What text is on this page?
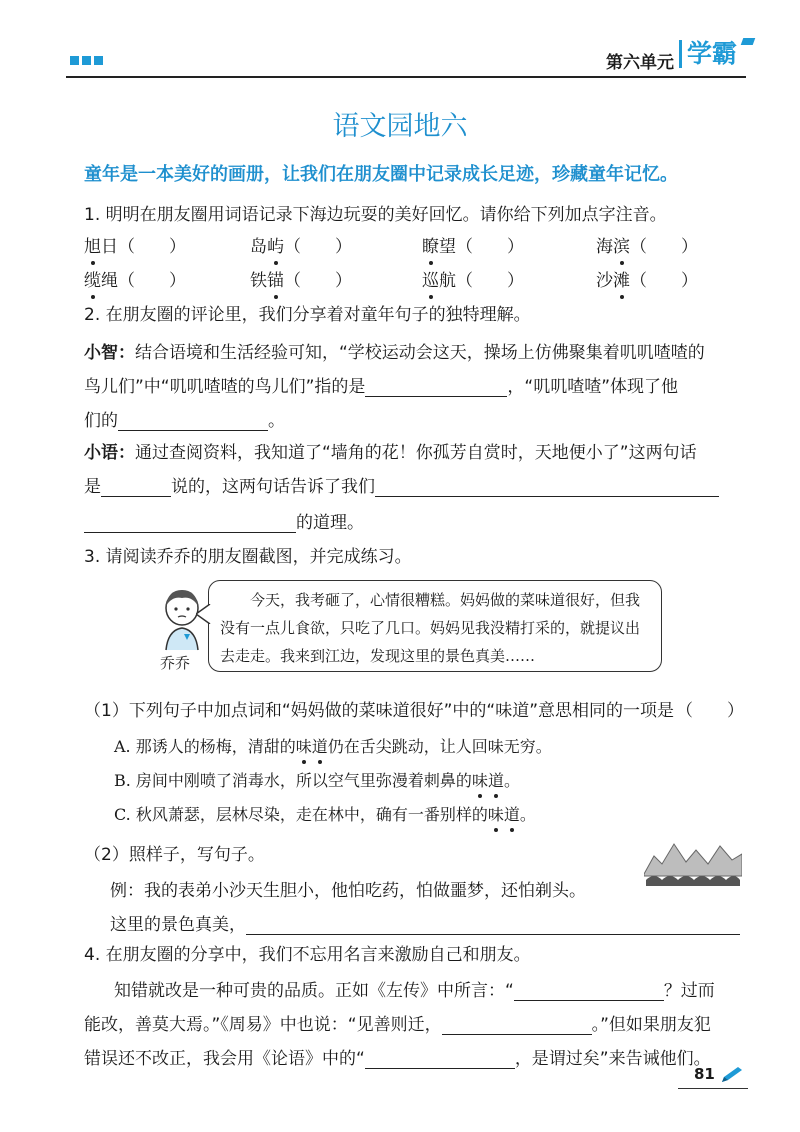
第六单元 学霸
语文园地六
童年是一本美好的画册，让我们在朋友圈中记录成长足迹，珍藏童年记忆。
1. 明明在朋友圈用词语记录下海边玩耍的美好回忆。请你给下列加点字注音。
旭日（　　）	岛屿（　　）	瞭望（　　）	海滨（　　）
缆绳（　　）	铁锚（　　）	巡航（　　）	沙滩（　　）
2. 在朋友圈的评论里，我们分享着对童年句子的独特理解。
小智：结合语境和生活经验可知，“学校运动会这天，操场上仿佛聚集着叽叽喳喳的
鸟儿们”中“叽叽喳喳的鸟儿们”指的是	，“叽叽喳喳”体现了他
们的	。
小语：通过查阅资料，我知道了“墙角的花！你孤芳自赏时，天地便小了”这两句话
是	说的，这两句话告诉了我们
的道理。
3. 请阅读乔乔的朋友圈截图，并完成练习。
乔乔
今天，我考砸了，心情很糟糕。妈妈做的菜味道很好，但我没有一点儿食欲，只吃了几口。妈妈见我没精打采的，就提议出去走走。我来到江边，发现这里的景色真美……
（1）下列句子中加点词和“妈妈做的菜味道很好”中的“味道”意思相同的一项是 （　　）
A. 那诱人的杨梅，清甜的味道仍在舌尖跳动，让人回味无穷。
B. 房间中刚喷了消毒水，所以空气里弥漫着刺鼻的味道。
C. 秋风萧瑟，层林尽染，走在林中，确有一番别样的味道。
（2）照样子，写句子。
例：我的表弟小沙天生胆小，他怕吃药，怕做噩梦，还怕剃头。
这里的景色真美，
4. 在朋友圈的分享中，我们不忘用名言来激励自己和朋友。
知错就改是一种可贵的品质。正如《左传》中所言：“	？过而
能改，善莫大焉。”《周易》中也说：“见善则迁，	。”但如果朋友犯
错误还不改正，我会用《论语》中的“	，是谓过矣”来告诫他们。
81
